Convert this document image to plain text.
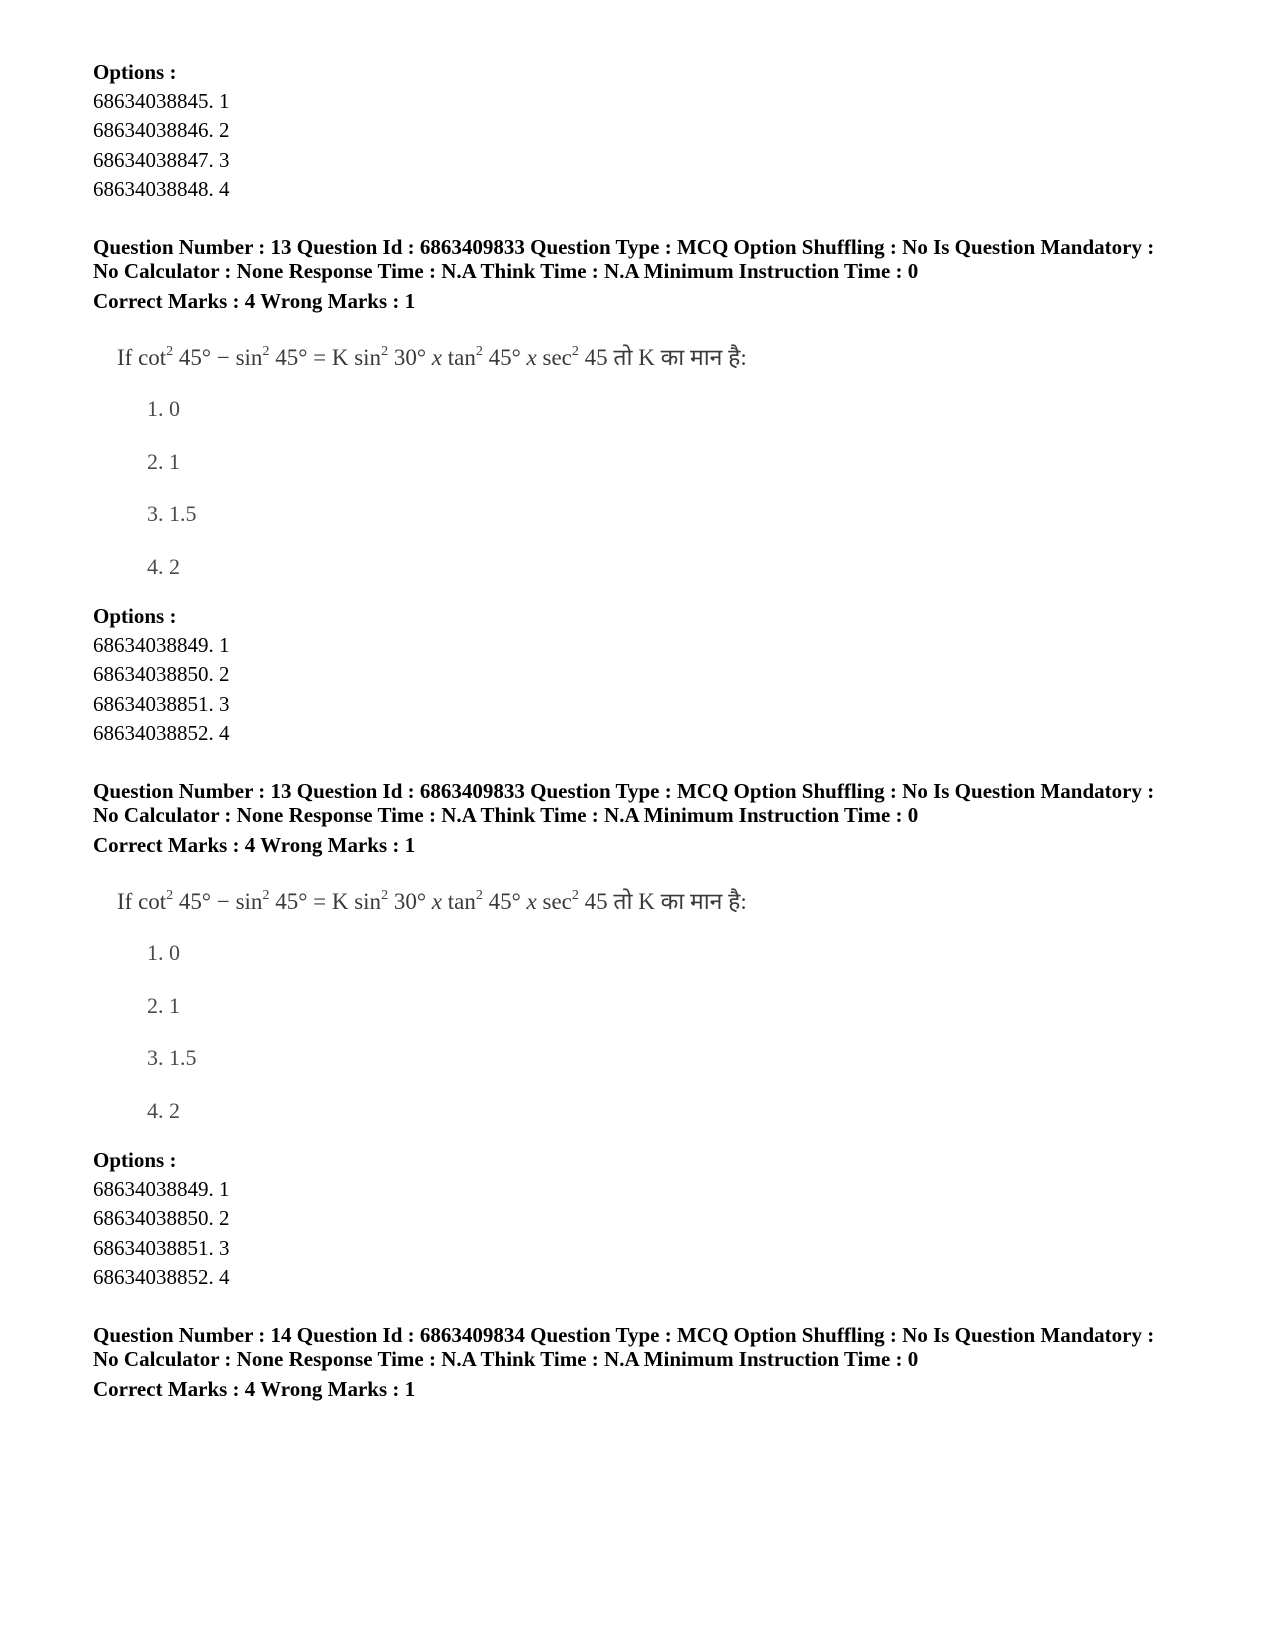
Options :

68634038845. 1

68634038846. 2

68634038847. 3

68634038848. 4

Question Number : 13 Question Id : 6863409833 Question Type : MCQ Option Shuffling : No Is Question Mandatory :

No Calculator : None Response Time : N.A Think Time : N.A Minimum Instruction Time : 0

Correct Marks : 4 Wrong Marks : 1

If $\cot^2 45^\circ - \sin^2 45^\circ = K$ $\sin^2 30^\circ$ x $\tan^2 45^\circ$ x $\sec^2 45$ तो K का मान है:
1. 0
2. 1
3. 1.5
4. 2

Options :

68634038849. 1

68634038850. 2

68634038851. 3

68634038852. 4

Question Number : 13 Question Id : 6863409833 Question Type : MCQ Option Shuffling : No Is Question Mandatory :

No Calculator : None Response Time : N.A Think Time : N.A Minimum Instruction Time : 0

Correct Marks : 4 Wrong Marks : 1

If $\cot^2 45^\circ - \sin^2 45^\circ = K$ $\sin^2 30^\circ$ x $\tan^2 45^\circ$ x $\sec^2 45$ तो K का मान है:
1. 0
2. 1
3. 1.5
4. 2

Options :

68634038849. 1

68634038850. 2

68634038851. 3

68634038852. 4

Question Number : 14 Question Id : 6863409834 Question Type : MCQ Option Shuffling : No Is Question Mandatory :

No Calculator : None Response Time : N.A Think Time : N.A Minimum Instruction Time : 0

Correct Marks : 4 Wrong Marks : 1
